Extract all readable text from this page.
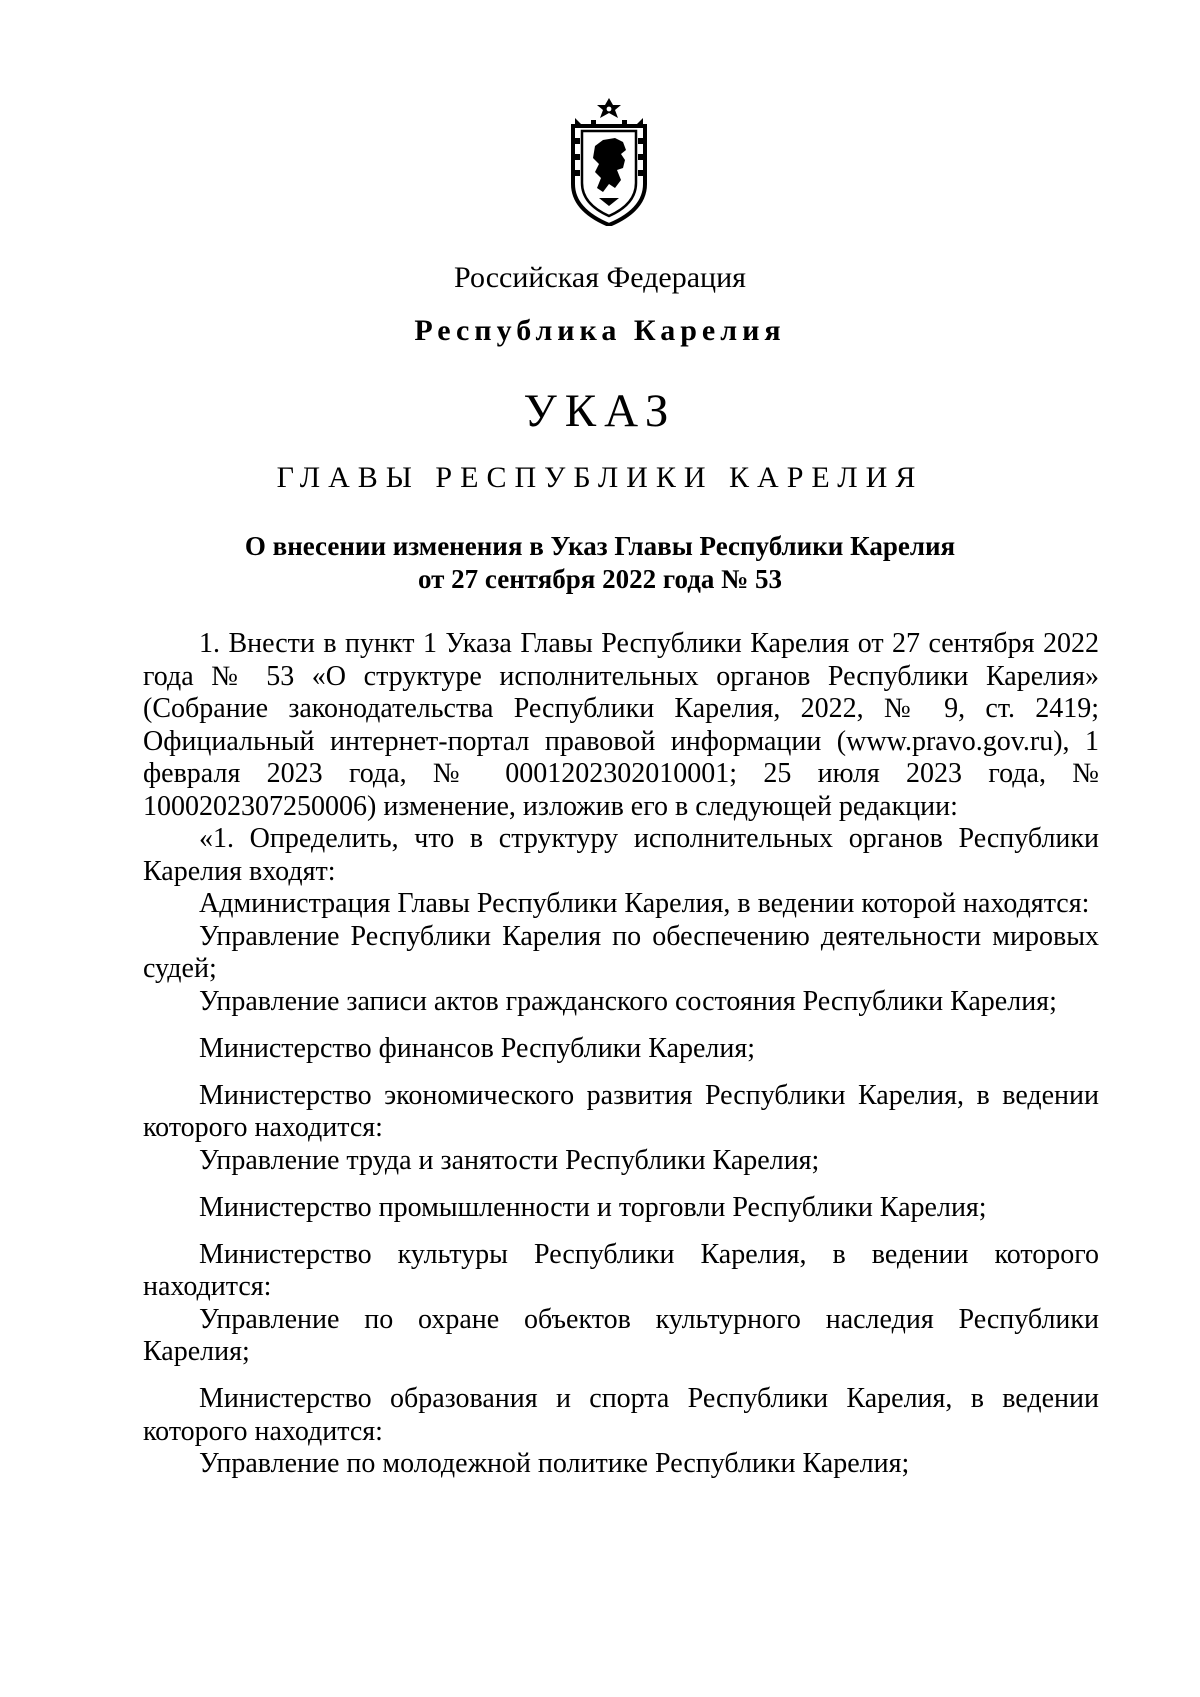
Российская Федерация
Республика Карелия
УКАЗ
ГЛАВЫ РЕСПУБЛИКИ КАРЕЛИЯ
О внесении изменения в Указ Главы Республики Карелия
от 27 сентября 2022 года № 53

1. Внести в пункт 1 Указа Главы Республики Карелия от 27 сентября 2022 года № 53 «О структуре исполнительных органов Республики Карелия» (Собрание законодательства Республики Карелия, 2022, № 9, ст. 2419; Официальный интернет-портал правовой информации (www.pravo.gov.ru), 1 февраля 2023 года, № 0001202302010001; 25 июля 2023 года, № 1000202307250006) изменение, изложив его в следующей редакции:

«1. Определить, что в структуру исполнительных органов Республики Карелия входят:

Администрация Главы Республики Карелия, в ведении которой находятся:

Управление Республики Карелия по обеспечению деятельности мировых судей;

Управление записи актов гражданского состояния Республики Карелия;

Министерство финансов Республики Карелия;

Министерство экономического развития Республики Карелия, в ведении которого находится:

Управление труда и занятости Республики Карелия;

Министерство промышленности и торговли Республики Карелия;

Министерство культуры Республики Карелия, в ведении которого находится:

Управление по охране объектов культурного наследия Республики Карелия;

Министерство образования и спорта Республики Карелия, в ведении которого находится:

Управление по молодежной политике Республики Карелия;
